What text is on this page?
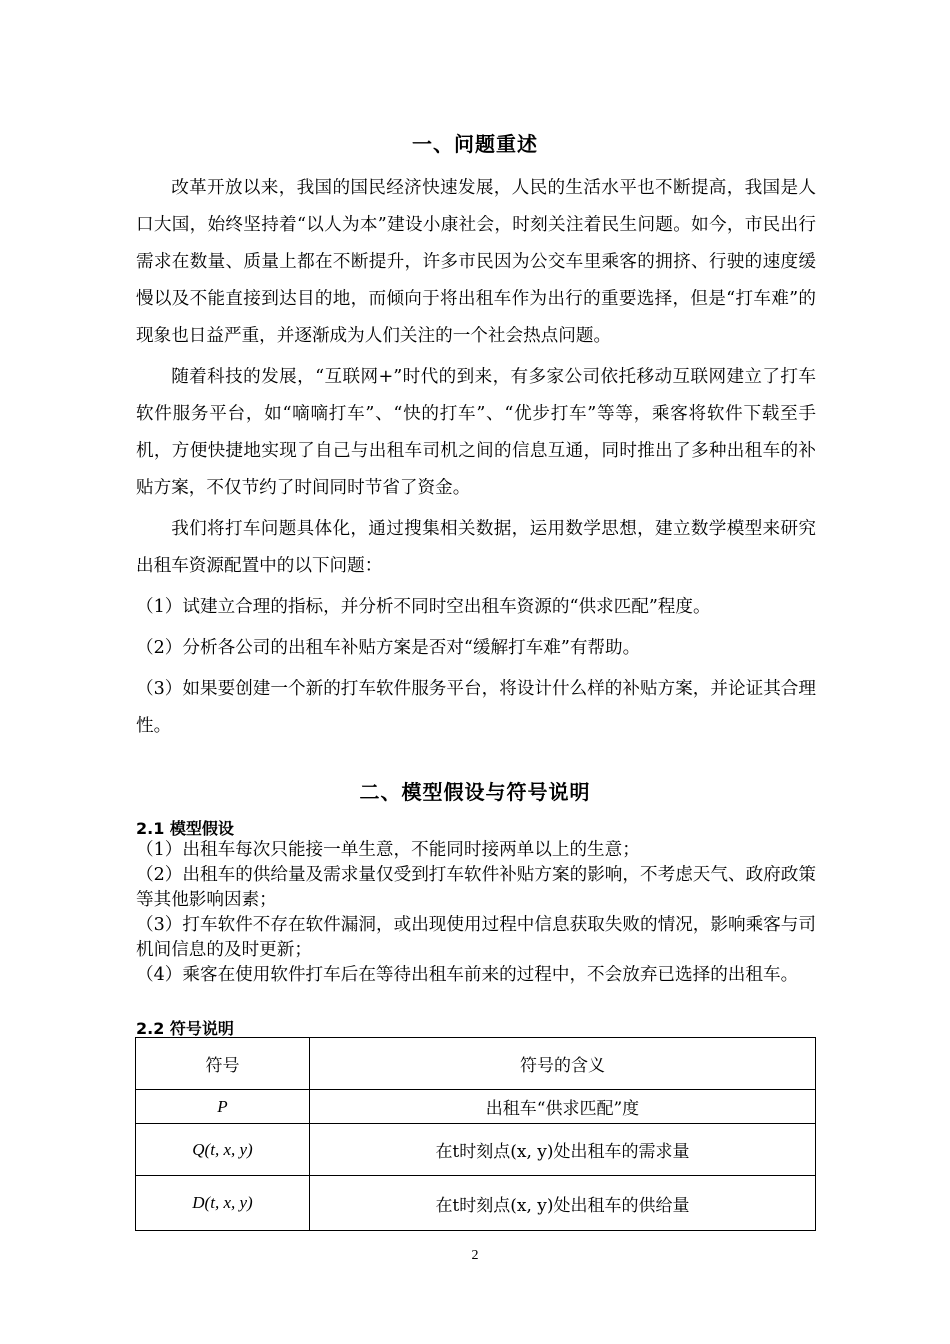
一、问题重述

改革开放以来，我国的国民经济快速发展，人民的生活水平也不断提高，我国是人口大国，始终坚持着“以人为本”建设小康社会，时刻关注着民生问题。如今，市民出行需求在数量、质量上都在不断提升，许多市民因为公交车里乘客的拥挤、行驶的速度缓慢以及不能直接到达目的地，而倾向于将出租车作为出行的重要选择，但是“打车难”的现象也日益严重，并逐渐成为人们关注的一个社会热点问题。

随着科技的发展，“互联网+”时代的到来，有多家公司依托移动互联网建立了打车软件服务平台，如“嘀嘀打车”、“快的打车”、“优步打车”等等，乘客将软件下载至手机，方便快捷地实现了自己与出租车司机之间的信息互通，同时推出了多种出租车的补贴方案，不仅节约了时间同时节省了资金。

我们将打车问题具体化，通过搜集相关数据，运用数学思想，建立数学模型来研究出租车资源配置中的以下问题：

（1）试建立合理的指标，并分析不同时空出租车资源的“供求匹配”程度。

（2）分析各公司的出租车补贴方案是否对“缓解打车难”有帮助。

（3）如果要创建一个新的打车软件服务平台，将设计什么样的补贴方案，并论证其合理性。

二、模型假设与符号说明
2.1 模型假设

（1）出租车每次只能接一单生意，不能同时接两单以上的生意；

（2）出租车的供给量及需求量仅受到打车软件补贴方案的影响，不考虑天气、政府政策等其他影响因素；

（3）打车软件不存在软件漏洞，或出现使用过程中信息获取失败的情况，影响乘客与司机间信息的及时更新；

（4）乘客在使用软件打车后在等待出租车前来的过程中，不会放弃已选择的出租车。

2.2 符号说明
符号	符号的含义
P	出租车“供求匹配”度
Q(t, x, y)	在t时刻点(x, y)处出租车的需求量
D(t, x, y)	在t时刻点(x, y)处出租车的供给量
2
